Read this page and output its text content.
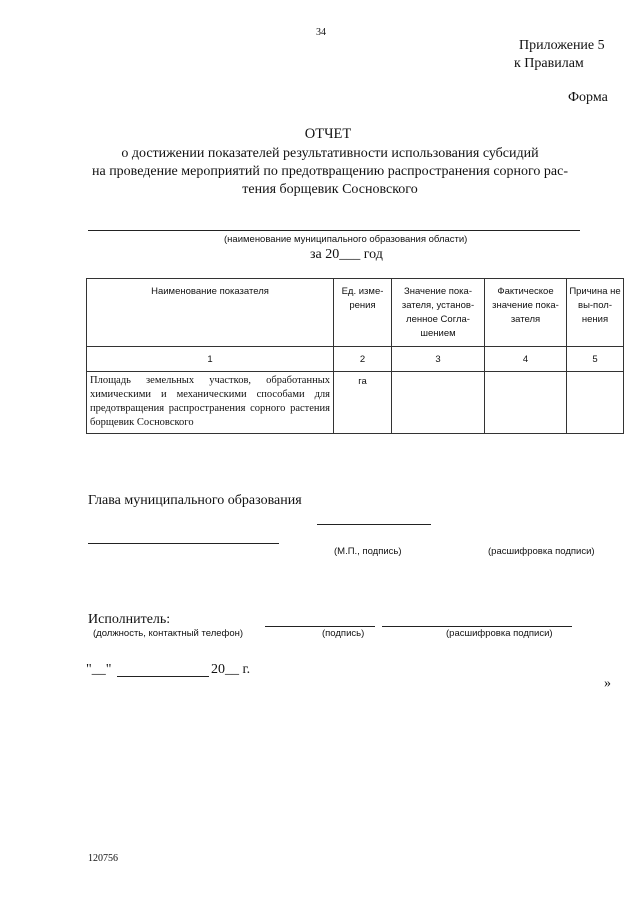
34
Приложение 5
к Правилам
Форма
ОТЧЕТ
о достижении показателей результативности использования субсидий
на проведение мероприятий по предотвращению распространения сорного рас-
тения борщевик Сосновского
(наименование муниципального образования области)
за 20___ год
Наименование показателя	Ед. изме-рения	Значение пока-зателя, установ-ленное Согла-шением	Фактическое значение пока-зателя	Причина не вы-пол-нения
1	2	3	4	5
Площадь земельных участков, обработанных химическими и механическими способами для предотвращения распространения сорного растения борщевик Сосновского	га			
Глава муниципального образования
(М.П., подпись)	(расшифровка подписи)
Исполнитель:
(должность, контактный телефон)	(подпись)	(расшифровка подписи)
"__"	20__ г.
»
120756
